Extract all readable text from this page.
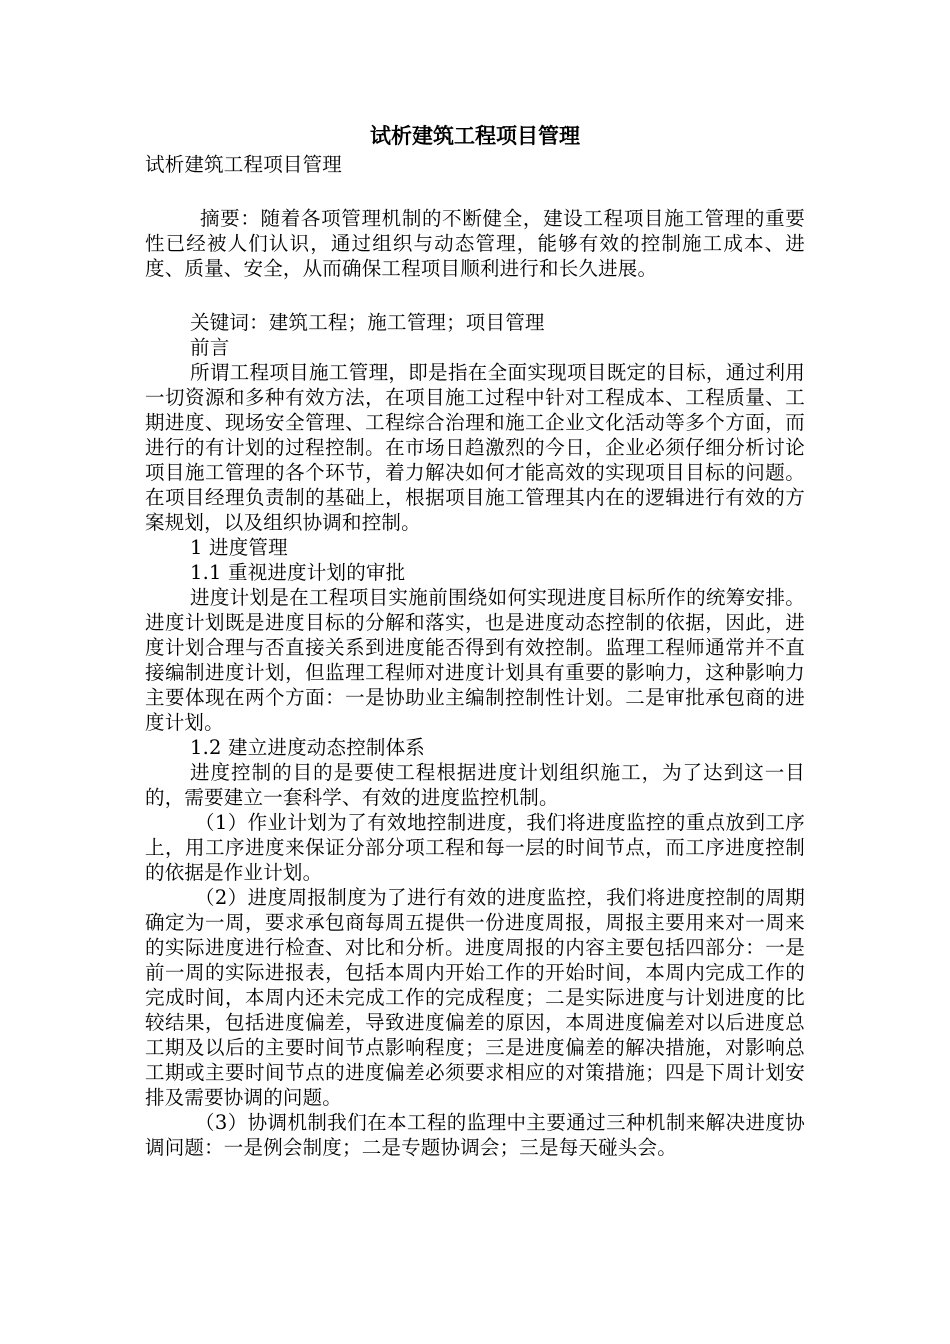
试析建筑工程项目管理

试析建筑工程项目管理

摘要：随着各项管理机制的不断健全，建设工程项目施工管理的重要性已经被人们认识，通过组织与动态管理，能够有效的控制施工成本、进度、质量、安全，从而确保工程项目顺利进行和长久进展。

关键词：建筑工程；施工管理；项目管理

前言

所谓工程项目施工管理，即是指在全面实现项目既定的目标，通过利用一切资源和多种有效方法，在项目施工过程中针对工程成本、工程质量、工期进度、现场安全管理、工程综合治理和施工企业文化活动等多个方面，而进行的有计划的过程控制。在市场日趋激烈的今日，企业必须仔细分析讨论项目施工管理的各个环节，着力解决如何才能高效的实现项目目标的问题。在项目经理负责制的基础上，根据项目施工管理其内在的逻辑进行有效的方案规划，以及组织协调和控制。

1 进度管理

1.1 重视进度计划的审批

进度计划是在工程项目实施前围绕如何实现进度目标所作的统筹安排。进度计划既是进度目标的分解和落实，也是进度动态控制的依据，因此，进度计划合理与否直接关系到进度能否得到有效控制。监理工程师通常并不直接编制进度计划，但监理工程师对进度计划具有重要的影响力，这种影响力主要体现在两个方面：一是协助业主编制控制性计划。二是审批承包商的进度计划。

1.2 建立进度动态控制体系

进度控制的目的是要使工程根据进度计划组织施工，为了达到这一目的，需要建立一套科学、有效的进度监控机制。

（1）作业计划为了有效地控制进度，我们将进度监控的重点放到工序上，用工序进度来保证分部分项工程和每一层的时间节点，而工序进度控制的依据是作业计划。

（2）进度周报制度为了进行有效的进度监控，我们将进度控制的周期确定为一周，要求承包商每周五提供一份进度周报，周报主要用来对一周来的实际进度进行检查、对比和分析。进度周报的内容主要包括四部分：一是前一周的实际进报表，包括本周内开始工作的开始时间，本周内完成工作的完成时间，本周内还未完成工作的完成程度；二是实际进度与计划进度的比较结果，包括进度偏差，导致进度偏差的原因，本周进度偏差对以后进度总工期及以后的主要时间节点影响程度；三是进度偏差的解决措施，对影响总工期或主要时间节点的进度偏差必须要求相应的对策措施；四是下周计划安排及需要协调的问题。

（3）协调机制我们在本工程的监理中主要通过三种机制来解决进度协调问题：一是例会制度；二是专题协调会；三是每天碰头会。
